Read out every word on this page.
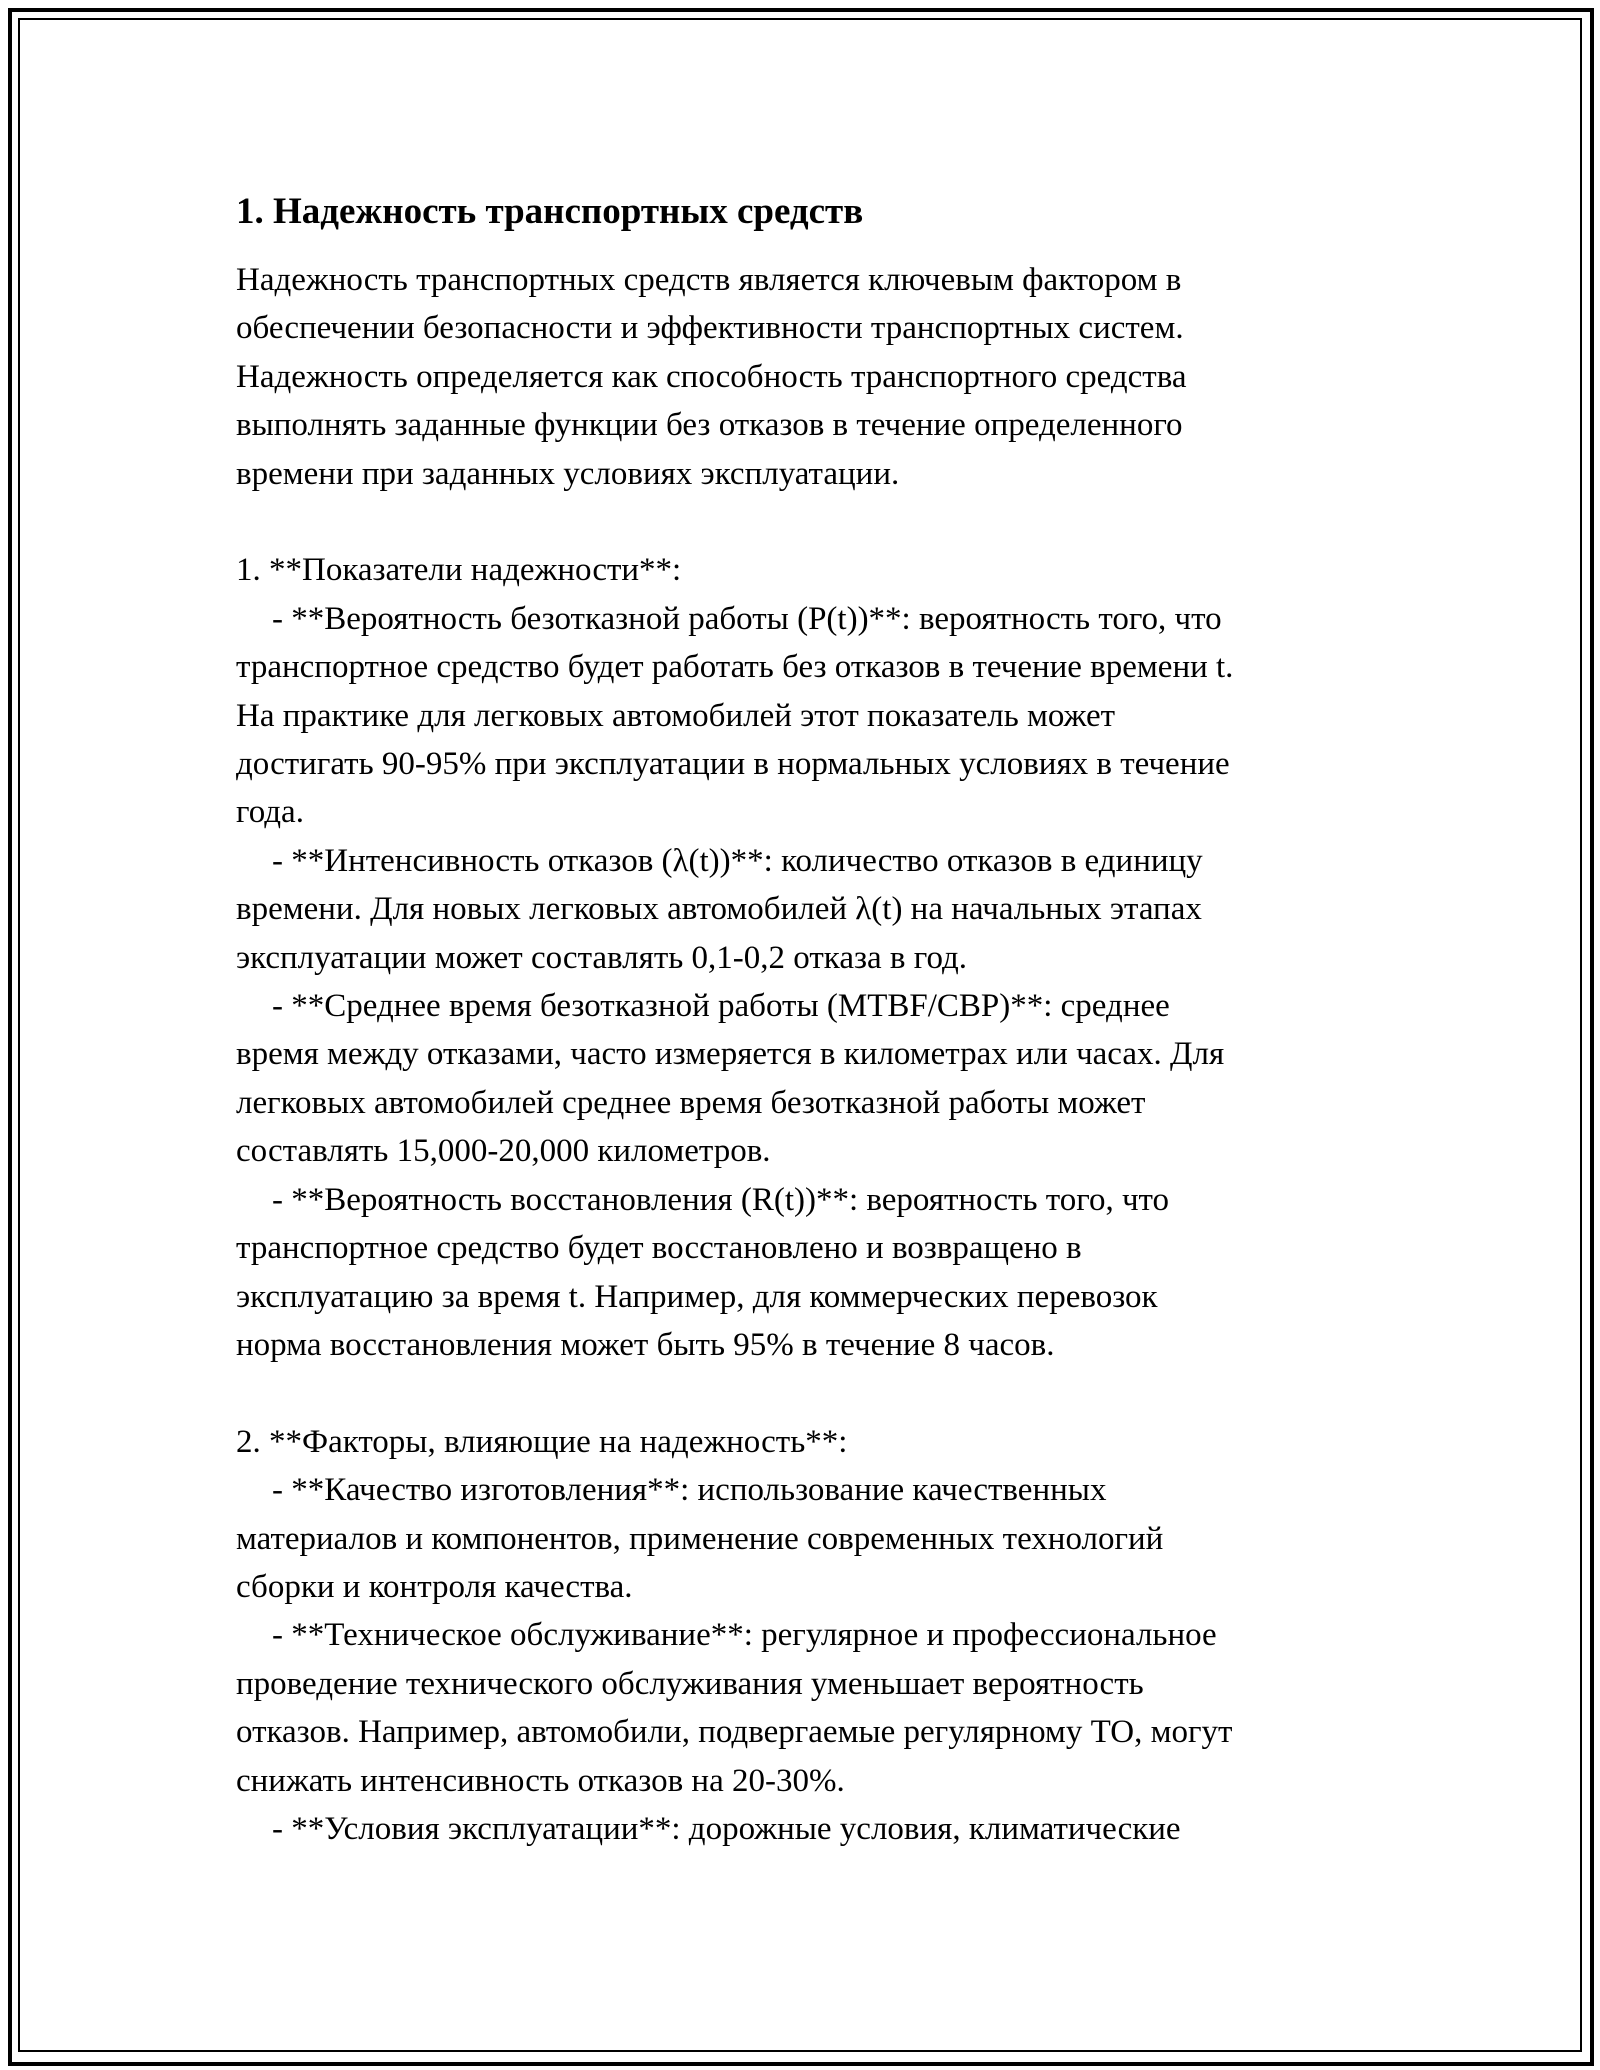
1. Надежность транспортных средств
Надежность транспортных средств является ключевым фактором в
обеспечении безопасности и эффективности транспортных систем.
Надежность определяется как способность транспортного средства
выполнять заданные функции без отказов в течение определенного
времени при заданных условиях эксплуатации.
1. **Показатели надежности**:
- **Вероятность безотказной работы (P(t))**: вероятность того, что
транспортное средство будет работать без отказов в течение времени t.
На практике для легковых автомобилей этот показатель может
достигать 90-95% при эксплуатации в нормальных условиях в течение
года.
- **Интенсивность отказов (λ(t))**: количество отказов в единицу
времени. Для новых легковых автомобилей λ(t) на начальных этапах
эксплуатации может составлять 0,1-0,2 отказа в год.
- **Среднее время безотказной работы (MTBF/СВР)**: среднее
время между отказами, часто измеряется в километрах или часах. Для
легковых автомобилей среднее время безотказной работы может
составлять 15,000-20,000 километров.
- **Вероятность восстановления (R(t))**: вероятность того, что
транспортное средство будет восстановлено и возвращено в
эксплуатацию за время t. Например, для коммерческих перевозок
норма восстановления может быть 95% в течение 8 часов.
2. **Факторы, влияющие на надежность**:
- **Качество изготовления**: использование качественных
материалов и компонентов, применение современных технологий
сборки и контроля качества.
- **Техническое обслуживание**: регулярное и профессиональное
проведение технического обслуживания уменьшает вероятность
отказов. Например, автомобили, подвергаемые регулярному ТО, могут
снижать интенсивность отказов на 20-30%.
- **Условия эксплуатации**: дорожные условия, климатические
